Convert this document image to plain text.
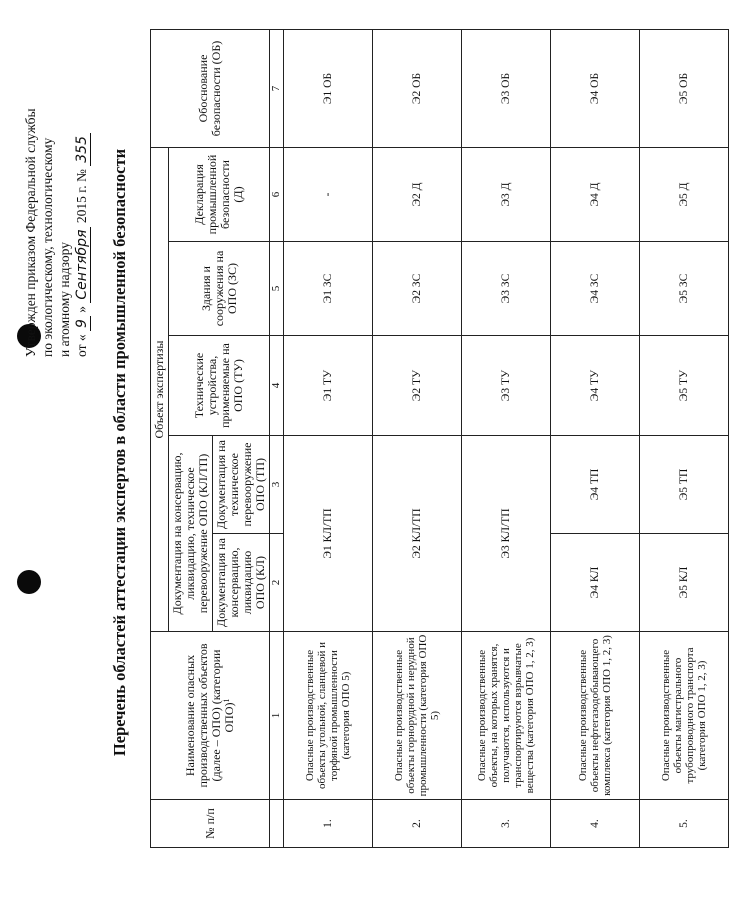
Утвержден приказом Федеральной службы по экологическому, технологическому и атомному надзору от « 9 » Сентября 2015 г. № 355 Перечень областей аттестации экспертов в области промышленной безопасности
№ п/п	Наименование опасных производственных объектов (далее – ОПО) (категории ОПО)$^1$	Объект экспертизы					Обоснование безопасности (ОБ)
		Документация на консервацию, ликвидацию, техническое перевооружение ОПО (КЛ/ТП)		Технические устройства, применяемые на ОПО (ТУ)	Здания и сооружения на ОПО (ЗС)	Декларация промышленной безопасности (Д)	
		Документация на консервацию, ликвидацию ОПО (КЛ)	Документация на техническое перевооружение ОПО (ТП)				
	1	2	3	4	5	6	7
1.	Опасные производственные объекты угольной, сланцевой и торфяной промышленности (категория ОПО 5)	Э1 КЛ/ТП		Э1 ТУ	Э1 ЗС	-	Э1 ОБ
2.	Опасные производственные объекты горнорудной и нерудной промышленности (категория ОПО 5)	Э2 КЛ/ТП		Э2 ТУ	Э2 ЗС	Э2 Д	Э2 ОБ
3.	Опасные производственные объекты, на которых хранятся, получаются, используются и транспортируются взрывчатые вещества (категория ОПО 1, 2, 3)	Э3 КЛ/ТП		Э3 ТУ	Э3 ЗС	Э3 Д	Э3 ОБ
4.	Опасные производственные объекты нефтегазодобывающего комплекса (категория ОПО 1, 2, 3)	Э4 КЛ	Э4 ТП	Э4 ТУ	Э4 ЗС	Э4 Д	Э4 ОБ
5.	Опасные производственные объекты магистрального трубопроводного транспорта (категория ОПО 1, 2, 3)	Э5 КЛ	Э5 ТП	Э5 ТУ	Э5 ЗС	Э5 Д	Э5 ОБ
